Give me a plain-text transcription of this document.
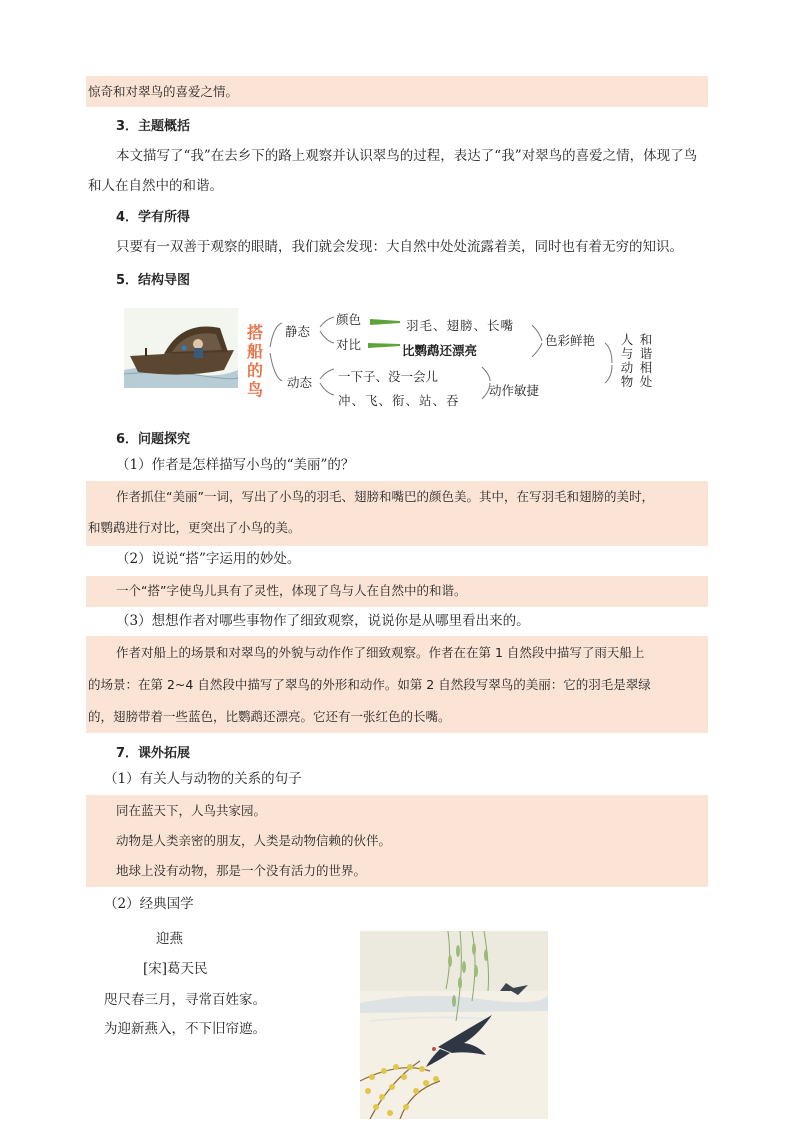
惊奇和对翠鸟的喜爱之情。
3．主题概括
本文描写了“我”在去乡下的路上观察并认识翠鸟的过程，表达了“我”对翠鸟的喜爱之情，体现了鸟
和人在自然中的和谐。
4．学有所得
只要有一双善于观察的眼睛，我们就会发现：大自然中处处流露着美，同时也有着无穷的知识。
5．结构导图
搭
船
的
鸟
静态
颜色
对比
羽毛、翅膀、长嘴
比鹦鹉还漂亮
色彩鲜艳
动态 一下子、没一会儿
冲、飞、衔、站、吞
动作敏捷
人
与
动
物
和
谐
相
处
6．问题探究
（1）作者是怎样描写小鸟的“美丽”的？
作者抓住“美丽”一词，写出了小鸟的羽毛、翅膀和嘴巴的颜色美。其中，在写羽毛和翅膀的美时，
和鹦鹉进行对比，更突出了小鸟的美。
（2）说说“搭”字运用的妙处。
一个“搭”字使鸟儿具有了灵性，体现了鸟与人在自然中的和谐。
（3）想想作者对哪些事物作了细致观察，说说你是从哪里看出来的。
作者对船上的场景和对翠鸟的外貌与动作作了细致观察。作者在在第 1 自然段中描写了雨天船上
的场景：在第 2~4 自然段中描写了翠鸟的外形和动作。如第 2 自然段写翠鸟的美丽：它的羽毛是翠绿
的，翅膀带着一些蓝色，比鹦鹉还漂亮。它还有一张红色的长嘴。
7．课外拓展
（1）有关人与动物的关系的句子
同在蓝天下，人鸟共家园。
动物是人类亲密的朋友，人类是动物信赖的伙伴。
地球上没有动物，那是一个没有活力的世界。
（2）经典国学
迎燕
[宋]葛天民
咫尺春三月，寻常百姓家。
为迎新燕入，不下旧帘遮。
